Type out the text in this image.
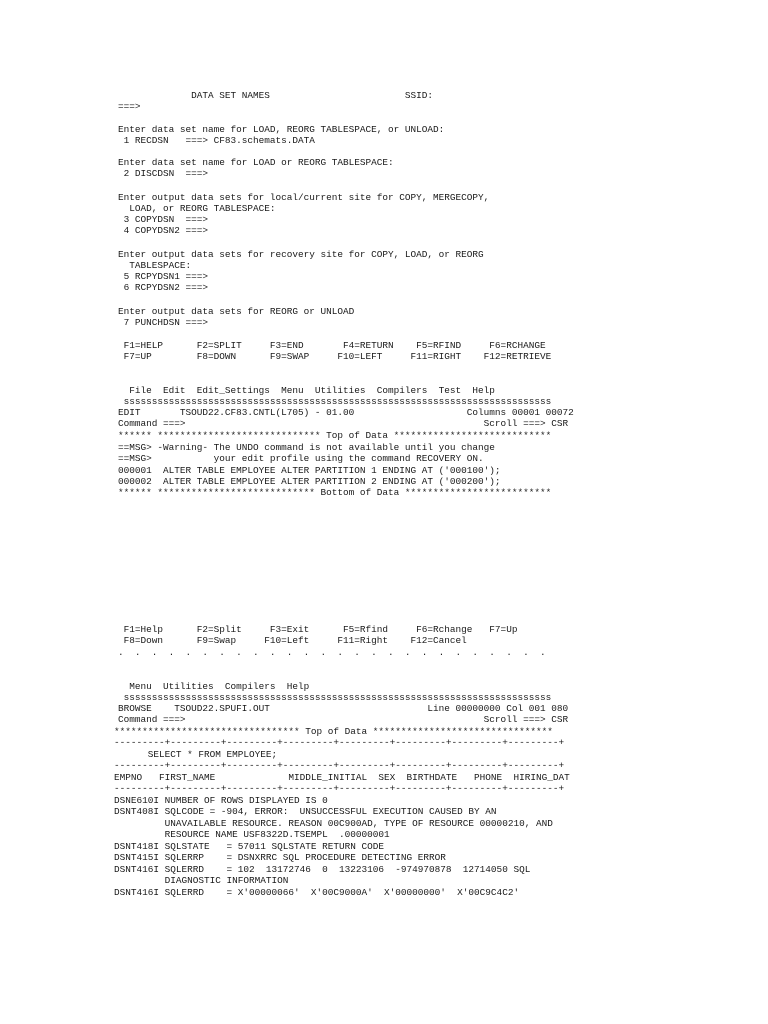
DATA SET NAMES                        SSID:
===>
Enter data set name for LOAD, REORG TABLESPACE, or UNLOAD:
1 RECDSN   ===> CF83.schemats.DATA
Enter data set name for LOAD or REORG TABLESPACE:
2 DISCDSN  ===>
Enter output data sets for local/current site for COPY, MERGECOPY,
LOAD, or REORG TABLESPACE:
3 COPYDSN  ===>
4 COPYDSN2 ===>
Enter output data sets for recovery site for COPY, LOAD, or REORG
TABLESPACE:
5 RCPYDSN1 ===>
6 RCPYDSN2 ===>
Enter output data sets for REORG or UNLOAD
7 PUNCHDSN ===>
F1=HELP      F2=SPLIT     F3=END       F4=RETURN    F5=RFIND     F6=RCHANGE
F7=UP        F8=DOWN      F9=SWAP     F10=LEFT     F11=RIGHT    F12=RETRIEVE
File  Edit  Edit_Settings  Menu  Utilities  Compilers  Test  Help
ssssssssssssssssssssssssssssssssssssssssssssssssssssssssssssssssssssssssssss
EDIT       TSOUD22.CF83.CNTL(L705) - 01.00                    Columns 00001 00072
Command ===>                                                     Scroll ===> CSR
****** ***************************** Top of Data ****************************
==MSG> -Warning- The UNDO command is not available until you change
==MSG>           your edit profile using the command RECOVERY ON.
000001  ALTER TABLE EMPLOYEE ALTER PARTITION 1 ENDING AT ('000100');
000002  ALTER TABLE EMPLOYEE ALTER PARTITION 2 ENDING AT ('000200');
****** **************************** Bottom of Data **************************
F1=Help      F2=Split     F3=Exit      F5=Rfind     F6=Rchange   F7=Up
F8=Down      F9=Swap     F10=Left     F11=Right    F12=Cancel
.  .  .  .  .  .  .  .  .  .  .  .  .  .  .  .  .  .  .  .  .  .  .  .  .  .
Menu  Utilities  Compilers  Help
ssssssssssssssssssssssssssssssssssssssssssssssssssssssssssssssssssssssssssss
BROWSE    TSOUD22.SPUFI.OUT                            Line 00000000 Col 001 080
Command ===>                                                     Scroll ===> CSR
********************************* Top of Data ********************************
---------+---------+---------+---------+---------+---------+---------+---------+
SELECT * FROM EMPLOYEE;
---------+---------+---------+---------+---------+---------+---------+---------+
EMPNO   FIRST_NAME             MIDDLE_INITIAL  SEX  BIRTHDATE   PHONE  HIRING_DAT
---------+---------+---------+---------+---------+---------+---------+---------+
DSNE610I NUMBER OF ROWS DISPLAYED IS 0
DSNT408I SQLCODE = -904, ERROR:  UNSUCCESSFUL EXECUTION CAUSED BY AN
UNAVAILABLE RESOURCE. REASON 00C900AD, TYPE OF RESOURCE 00000210, AND
RESOURCE NAME USF8322D.TSEMPL  .00000001
DSNT418I SQLSTATE   = 57011 SQLSTATE RETURN CODE
DSNT415I SQLERRP    = DSNXRRC SQL PROCEDURE DETECTING ERROR
DSNT416I SQLERRD    = 102  13172746  0  13223106  -974970878  12714050 SQL
DIAGNOSTIC INFORMATION
DSNT416I SQLERRD    = X'00000066'  X'00C9000A'  X'00000000'  X'00C9C4C2'
